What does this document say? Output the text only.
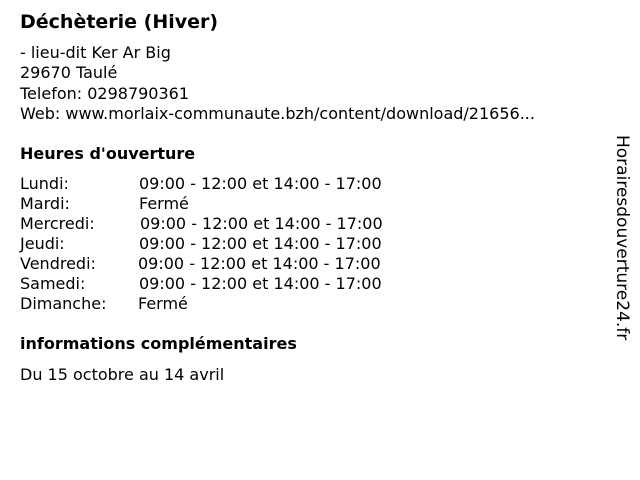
Déchèterie (Hiver)
- lieu-dit Ker Ar Big
29670 Taulé
Telefon: 0298790361
Web: www.morlaix-communaute.bzh/content/download/21656...
Heures d'ouverture
Lundi:	09:00 - 12:00 et 14:00 - 17:00
Mardi:	Fermé
Mercredi:	09:00 - 12:00 et 14:00 - 17:00
Jeudi:	09:00 - 12:00 et 14:00 - 17:00
Vendredi:	09:00 - 12:00 et 14:00 - 17:00
Samedi:	09:00 - 12:00 et 14:00 - 17:00
Dimanche: Fermé
informations complémentaires
Du 15 octobre au 14 avril
Horairesdouverture24.fr
